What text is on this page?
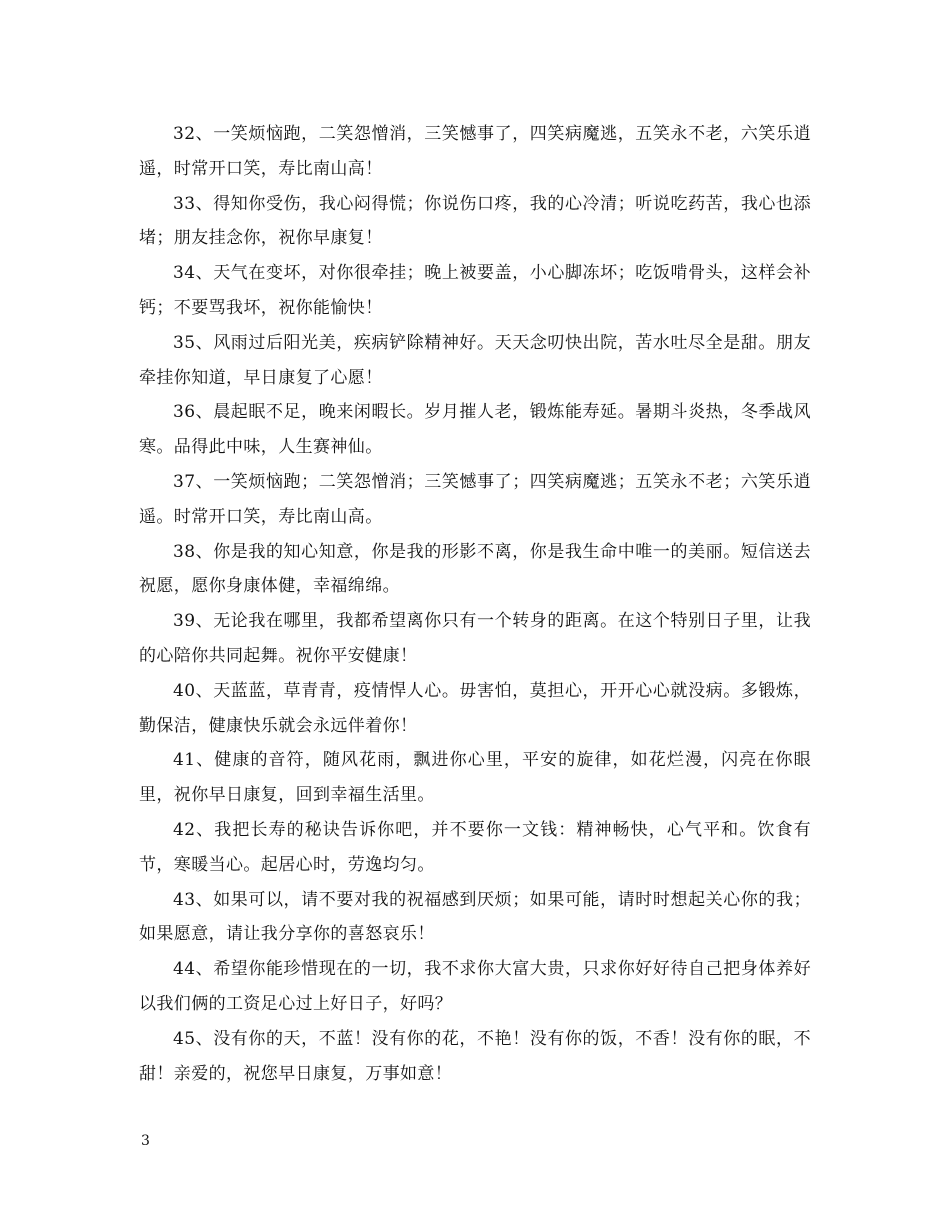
32、一笑烦恼跑，二笑怨憎消，三笑憾事了，四笑病魔逃，五笑永不老，六笑乐逍遥，时常开口笑，寿比南山高！

33、得知你受伤，我心闷得慌；你说伤口疼，我的心冷清；听说吃药苦，我心也添堵；朋友挂念你，祝你早康复！

34、天气在变坏，对你很牵挂；晚上被要盖，小心脚冻坏；吃饭啃骨头，这样会补钙；不要骂我坏，祝你能愉快！

35、风雨过后阳光美，疾病铲除精神好。天天念叨快出院，苦水吐尽全是甜。朋友牵挂你知道，早日康复了心愿！

36、晨起眠不足，晚来闲暇长。岁月摧人老，锻炼能寿延。暑期斗炎热，冬季战风寒。品得此中味，人生赛神仙。

37、一笑烦恼跑；二笑怨憎消；三笑憾事了；四笑病魔逃；五笑永不老；六笑乐逍遥。时常开口笑，寿比南山高。

38、你是我的知心知意，你是我的形影不离，你是我生命中唯一的美丽。短信送去祝愿，愿你身康体健，幸福绵绵。

39、无论我在哪里，我都希望离你只有一个转身的距离。在这个特别日子里，让我的心陪你共同起舞。祝你平安健康！

40、天蓝蓝，草青青，疫情悍人心。毋害怕，莫担心，开开心心就没病。多锻炼，勤保洁，健康快乐就会永远伴着你！

41、健康的音符，随风花雨，飘进你心里，平安的旋律，如花烂漫，闪亮在你眼里，祝你早日康复，回到幸福生活里。

42、我把长寿的秘诀告诉你吧，并不要你一文钱：精神畅快，心气平和。饮食有节，寒暖当心。起居心时，劳逸均匀。

43、如果可以，请不要对我的祝福感到厌烦；如果可能，请时时想起关心你的我；如果愿意，请让我分享你的喜怒哀乐！

44、希望你能珍惜现在的一切，我不求你大富大贵，只求你好好待自己把身体养好以我们俩的工资足心过上好日子，好吗？

45、没有你的天，不蓝！没有你的花，不艳！没有你的饭，不香！没有你的眠，不甜！亲爱的，祝您早日康复，万事如意！

3
